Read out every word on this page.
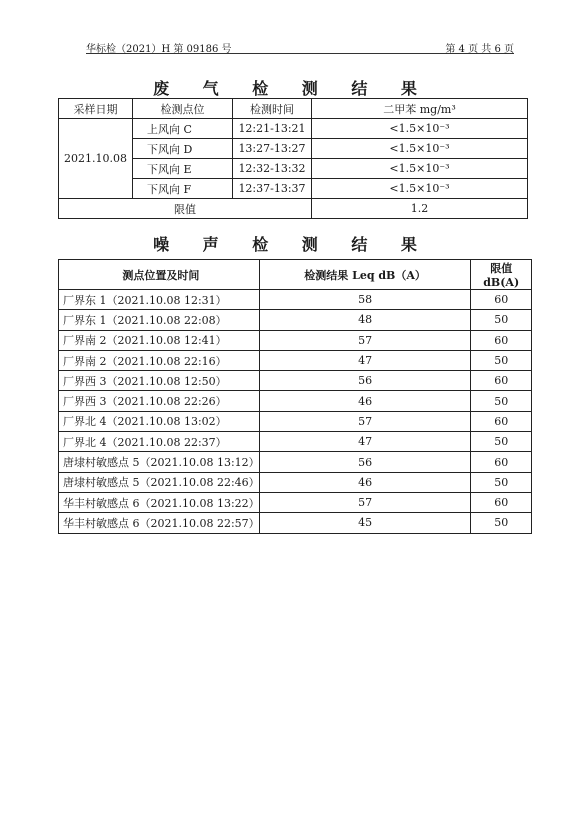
华标检（2021）H 第 09186 号	第 4 页 共 6 页
废 气 检 测 结 果
采样日期	检测点位	检测时间	二甲苯 mg/m³
2021.10.08	上风向 C	12:21-13:21	<1.5×10⁻³
	下风向 D	13:27-13:27	<1.5×10⁻³
	下风向 E	12:32-13:32	<1.5×10⁻³
	下风向 F	12:37-13:37	<1.5×10⁻³
限值			1.2
噪 声 检 测 结 果
测点位置及时间	检测结果 Leq dB（A）	限值 dB(A)
厂界东 1（2021.10.08 12:31）	58	60
厂界东 1（2021.10.08 22:08）	48	50
厂界南 2（2021.10.08 12:41）	57	60
厂界南 2（2021.10.08 22:16）	47	50
厂界西 3（2021.10.08 12:50）	56	60
厂界西 3（2021.10.08 22:26）	46	50
厂界北 4（2021.10.08 13:02）	57	60
厂界北 4（2021.10.08 22:37）	47	50
唐埭村敏感点 5（2021.10.08 13:12）	56	60
唐埭村敏感点 5（2021.10.08 22:46）	46	50
华丰村敏感点 6（2021.10.08 13:22）	57	60
华丰村敏感点 6（2021.10.08 22:57）	45	50
